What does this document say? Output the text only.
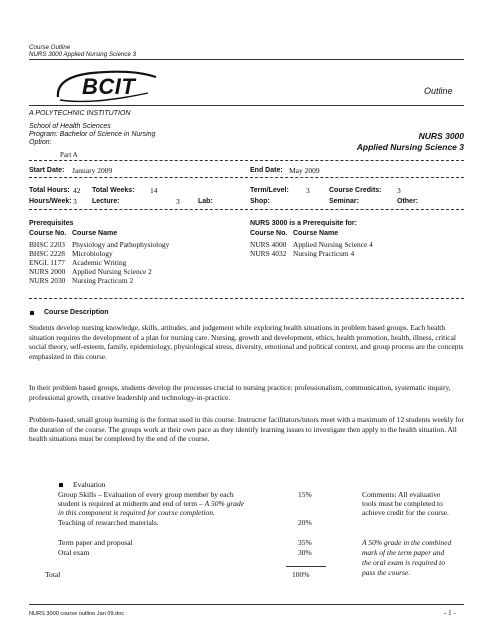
Course Outline
NURS 3000 Applied Nursing Science 3
BCIT	Outline
A POLYTECHNIC INSTITUTION
School of Health Sciences
Program: Bachelor of Science in Nursing
Option:
NURS 3000
Applied Nursing Science 3
Part A
Start Date: January 2009	End Date: May 2009
Total Hours: 42 Total Weeks: 14	Term/Level: 3	Course Credits: 3
Hours/Week: 3 Lecture:	3	Lab:	Shop:	Seminar:	Other:
Prerequisites
Course No. Course Name
BHSC 2203 Physiology and Pathophysiology
BHSC 2228 Microbiology
ENGL 1177 Academic Writing
NURS 2000 Applied Nursing Science 2
NURS 2030 Nursing Practicum 2
NURS 3000 is a Prerequisite for:
Course No. Course Name
NURS 4000 Applied Nursing Science 4
NURS 4032 Nursing Practicum 4
Course Description
Students develop nursing knowledge, skills, attitudes, and judgement while exploring health situations in problem based groups. Each health situation requires the development of a plan for nursing care. Nursing, growth and development, ethics, health promotion, health, illness, critical social theory, self-esteem, family, epidemiology, physiological stress, diversity, emotional and political context, and group process are the concepts emphasized in this course.
In their problem based groups, students develop the processes crucial to nursing practice: professionalism, communication, systematic inquiry, professional growth, creative leadership and technology-in-practice.
Problem-based, small group learning is the format used in this course. Instructor facilitators/tutors meet with a maximum of 12 students weekly for the duration of the course. The groups work at their own pace as they identify learning issues to investigate then apply to the health situation. All health situations must be completed by the end of the course.
Evaluation
Group Skills – Evaluation of every group member by each
student is required at midterm and end of term – A 50% grade
in this component is required for course completion.
15%
Teaching of researched materials.	20%
Term paper and proposal	35%
Oral exam	30%
Total	100%
Comments: All evaluative
tools must be completed to
achieve credit for the course.
A 50% grade in the combined
mark of the term paper and
the oral exam is required to
pass the course.
NURS 3000 course outline Jan 09.doc	- 1 -
